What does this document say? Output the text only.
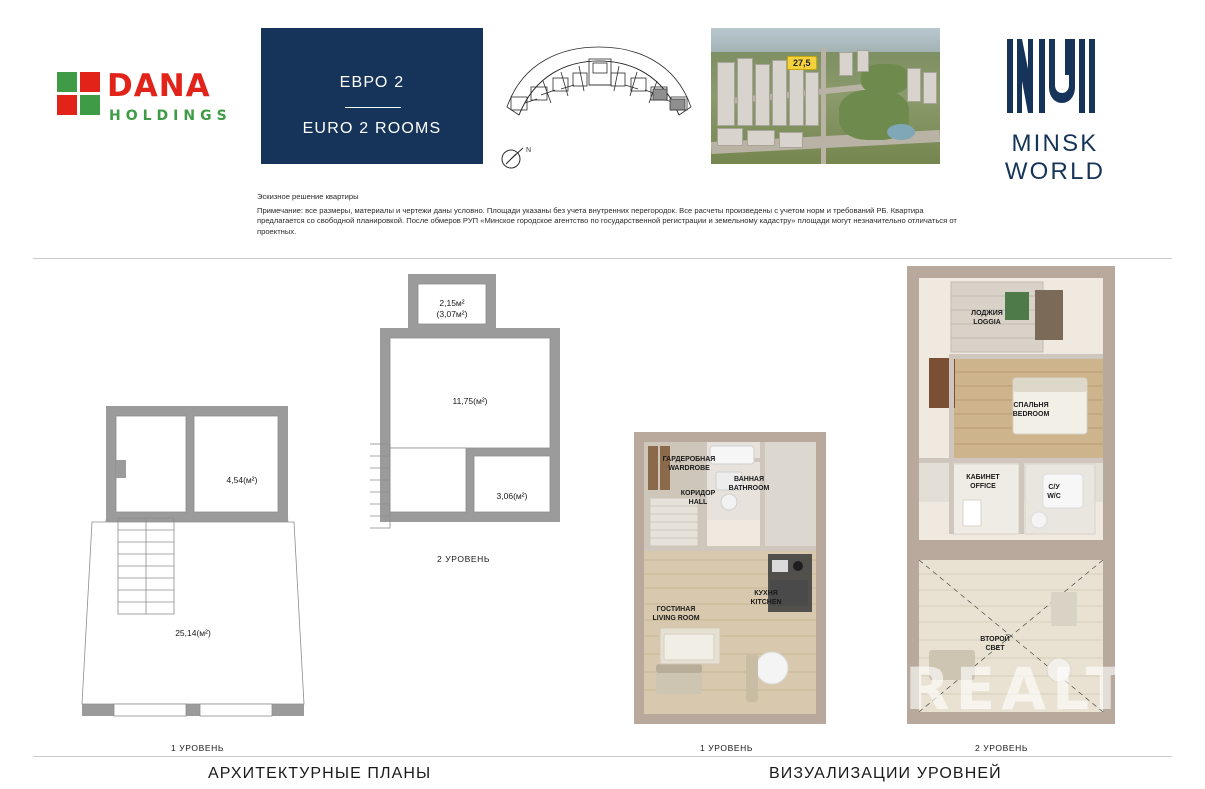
DANA
HOLDINGS
ЕВРО 2
EURO 2 ROOMS
N
27,5
MINSK WORLD
Эскизное решение квартиры
Примечание: все размеры, материалы и чертежи даны условно. Площади указаны без учета внутренних перегородок. Все расчеты произведены с учетом норм и требований РБ. Квартира предлагается со свободной планировкой. После обмеров РУП «Минское городское агентство по государственной регистрации и земельному кадастру» площади могут незначительно отличаться от проектных.
4,54(м²)
25,14(м²)
1 УРОВЕНЬ
2,15м²
(3,07м²)
11,75(м²)
3,06(м²)
2 УРОВЕНЬ
АРХИТЕКТУРНЫЕ ПЛАНЫ
ГАРДЕРОБНАЯ
WARDROBE
ВАННАЯ
BATHROOM
КОРИДОР
HALL
КУХНЯ
KITCHEN
ГОСТИНАЯ
LIVING ROOM
1 УРОВЕНЬ
ЛОДЖИЯ
LOGGIA
СПАЛЬНЯ
BEDROOM
КАБИНЕТ
OFFICE	С/У
W/C
ВТОРОЙ
СВЕТ
2 УРОВЕНЬ
REALT
ВИЗУАЛИЗАЦИИ УРОВНЕЙ
